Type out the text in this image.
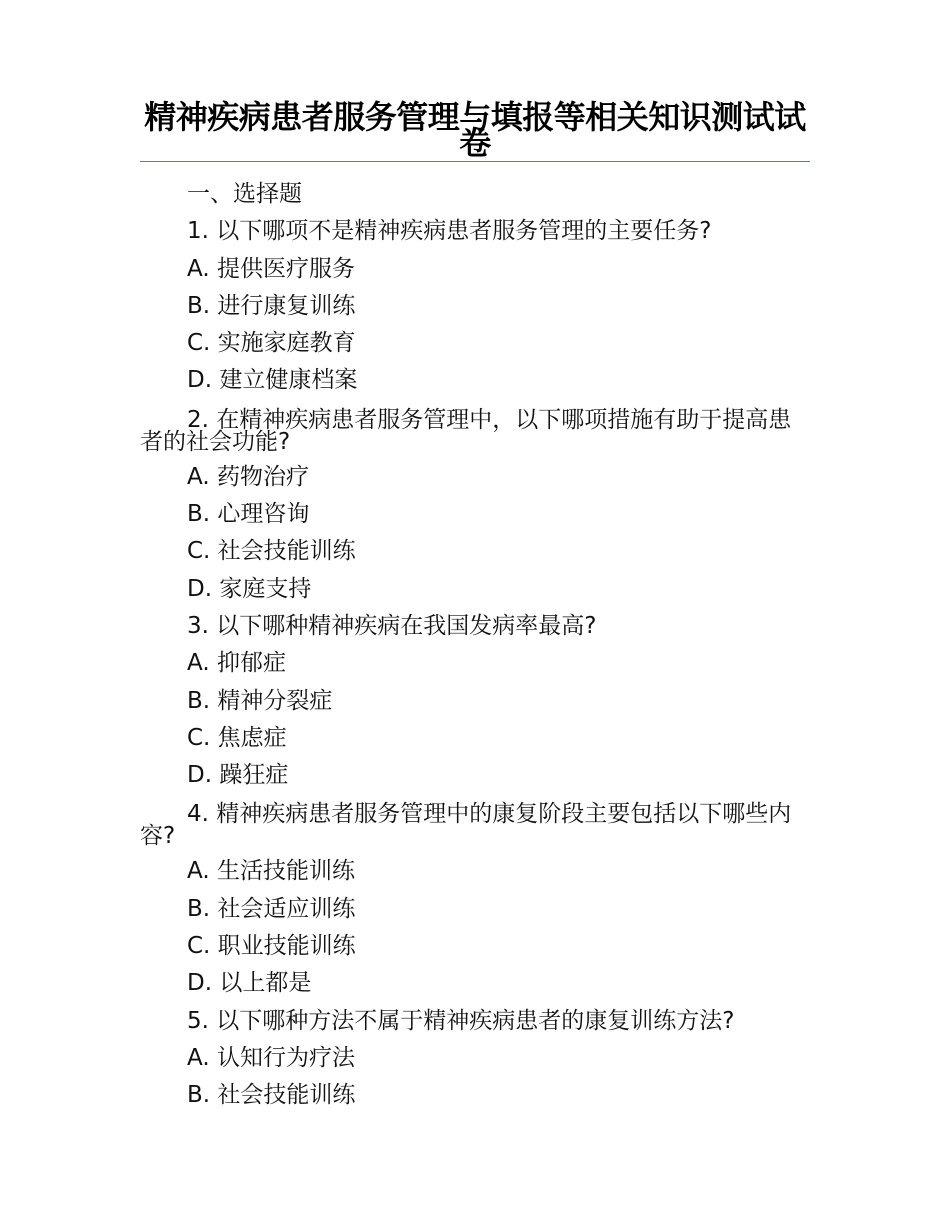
精神疾病患者服务管理与填报等相关知识测试试卷

一、选择题

1. 以下哪项不是精神疾病患者服务管理的主要任务?

A. 提供医疗服务

B. 进行康复训练

C. 实施家庭教育

D. 建立健康档案

2. 在精神疾病患者服务管理中，以下哪项措施有助于提高患者的社会功能?

A. 药物治疗

B. 心理咨询

C. 社会技能训练

D. 家庭支持

3. 以下哪种精神疾病在我国发病率最高?

A. 抑郁症

B. 精神分裂症

C. 焦虑症

D. 躁狂症

4. 精神疾病患者服务管理中的康复阶段主要包括以下哪些内容?

A. 生活技能训练

B. 社会适应训练

C. 职业技能训练

D. 以上都是

5. 以下哪种方法不属于精神疾病患者的康复训练方法?

A. 认知行为疗法

B. 社会技能训练
